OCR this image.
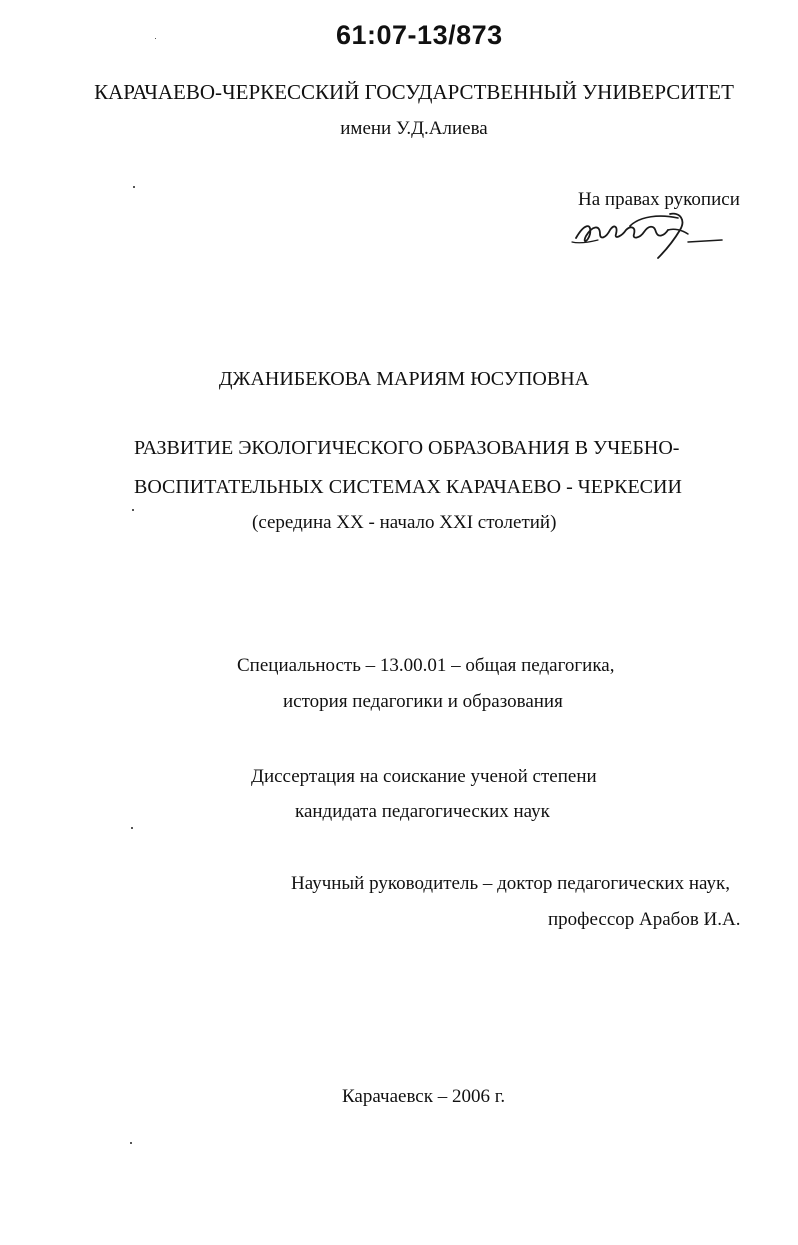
61:07-13/873
КАРАЧАЕВО-ЧЕРКЕССКИЙ ГОСУДАРСТВЕННЫЙ УНИВЕРСИТЕТ
имени У.Д.Алиева
На правах рукописи
ДЖАНИБЕКОВА МАРИЯМ ЮСУПОВНА
РАЗВИТИЕ ЭКОЛОГИЧЕСКОГО ОБРАЗОВАНИЯ В УЧЕБНО-
ВОСПИТАТЕЛЬНЫХ СИСТЕМАХ КАРАЧАЕВО - ЧЕРКЕСИИ
(середина XX - начало XXI столетий)
Специальность – 13.00.01 – общая педагогика,
история педагогики и образования
Диссертация на соискание ученой степени
кандидата педагогических наук
Научный руководитель – доктор педагогических наук,
профессор Арабов И.А.
Карачаевск – 2006 г.
